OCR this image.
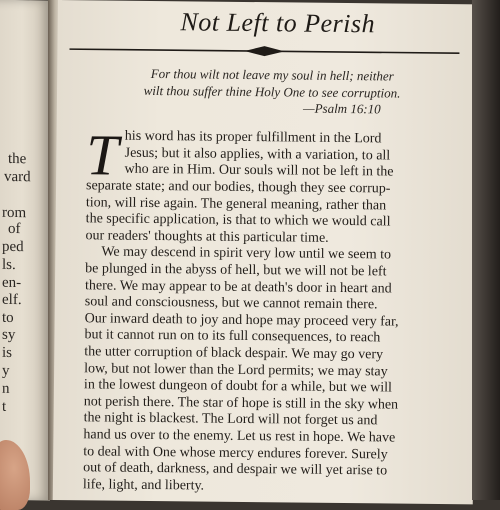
the
vard
rom
of
ped
ls.
en-
elf.
to
sy
is
y
n
t
Not Left to Perish
For thou wilt not leave my soul in hell; neither
wilt thou suffer thine Holy One to see corruption.
—Psalm 16:10
T his word has its proper fulfillment in the Lord
Jesus; but it also applies, with a variation, to all
who are in Him. Our souls will not be left in the
separate state; and our bodies, though they see corrup-
tion, will rise again. The general meaning, rather than
the specific application, is that to which we would call
our readers' thoughts at this particular time.
We may descend in spirit very low until we seem to
be plunged in the abyss of hell, but we will not be left
there. We may appear to be at death's door in heart and
soul and consciousness, but we cannot remain there.
Our inward death to joy and hope may proceed very far,
but it cannot run on to its full consequences, to reach
the utter corruption of black despair. We may go very
low, but not lower than the Lord permits; we may stay
in the lowest dungeon of doubt for a while, but we will
not perish there. The star of hope is still in the sky when
the night is blackest. The Lord will not forget us and
hand us over to the enemy. Let us rest in hope. We have
to deal with One whose mercy endures forever. Surely
out of death, darkness, and despair we will yet arise to
life, light, and liberty.
